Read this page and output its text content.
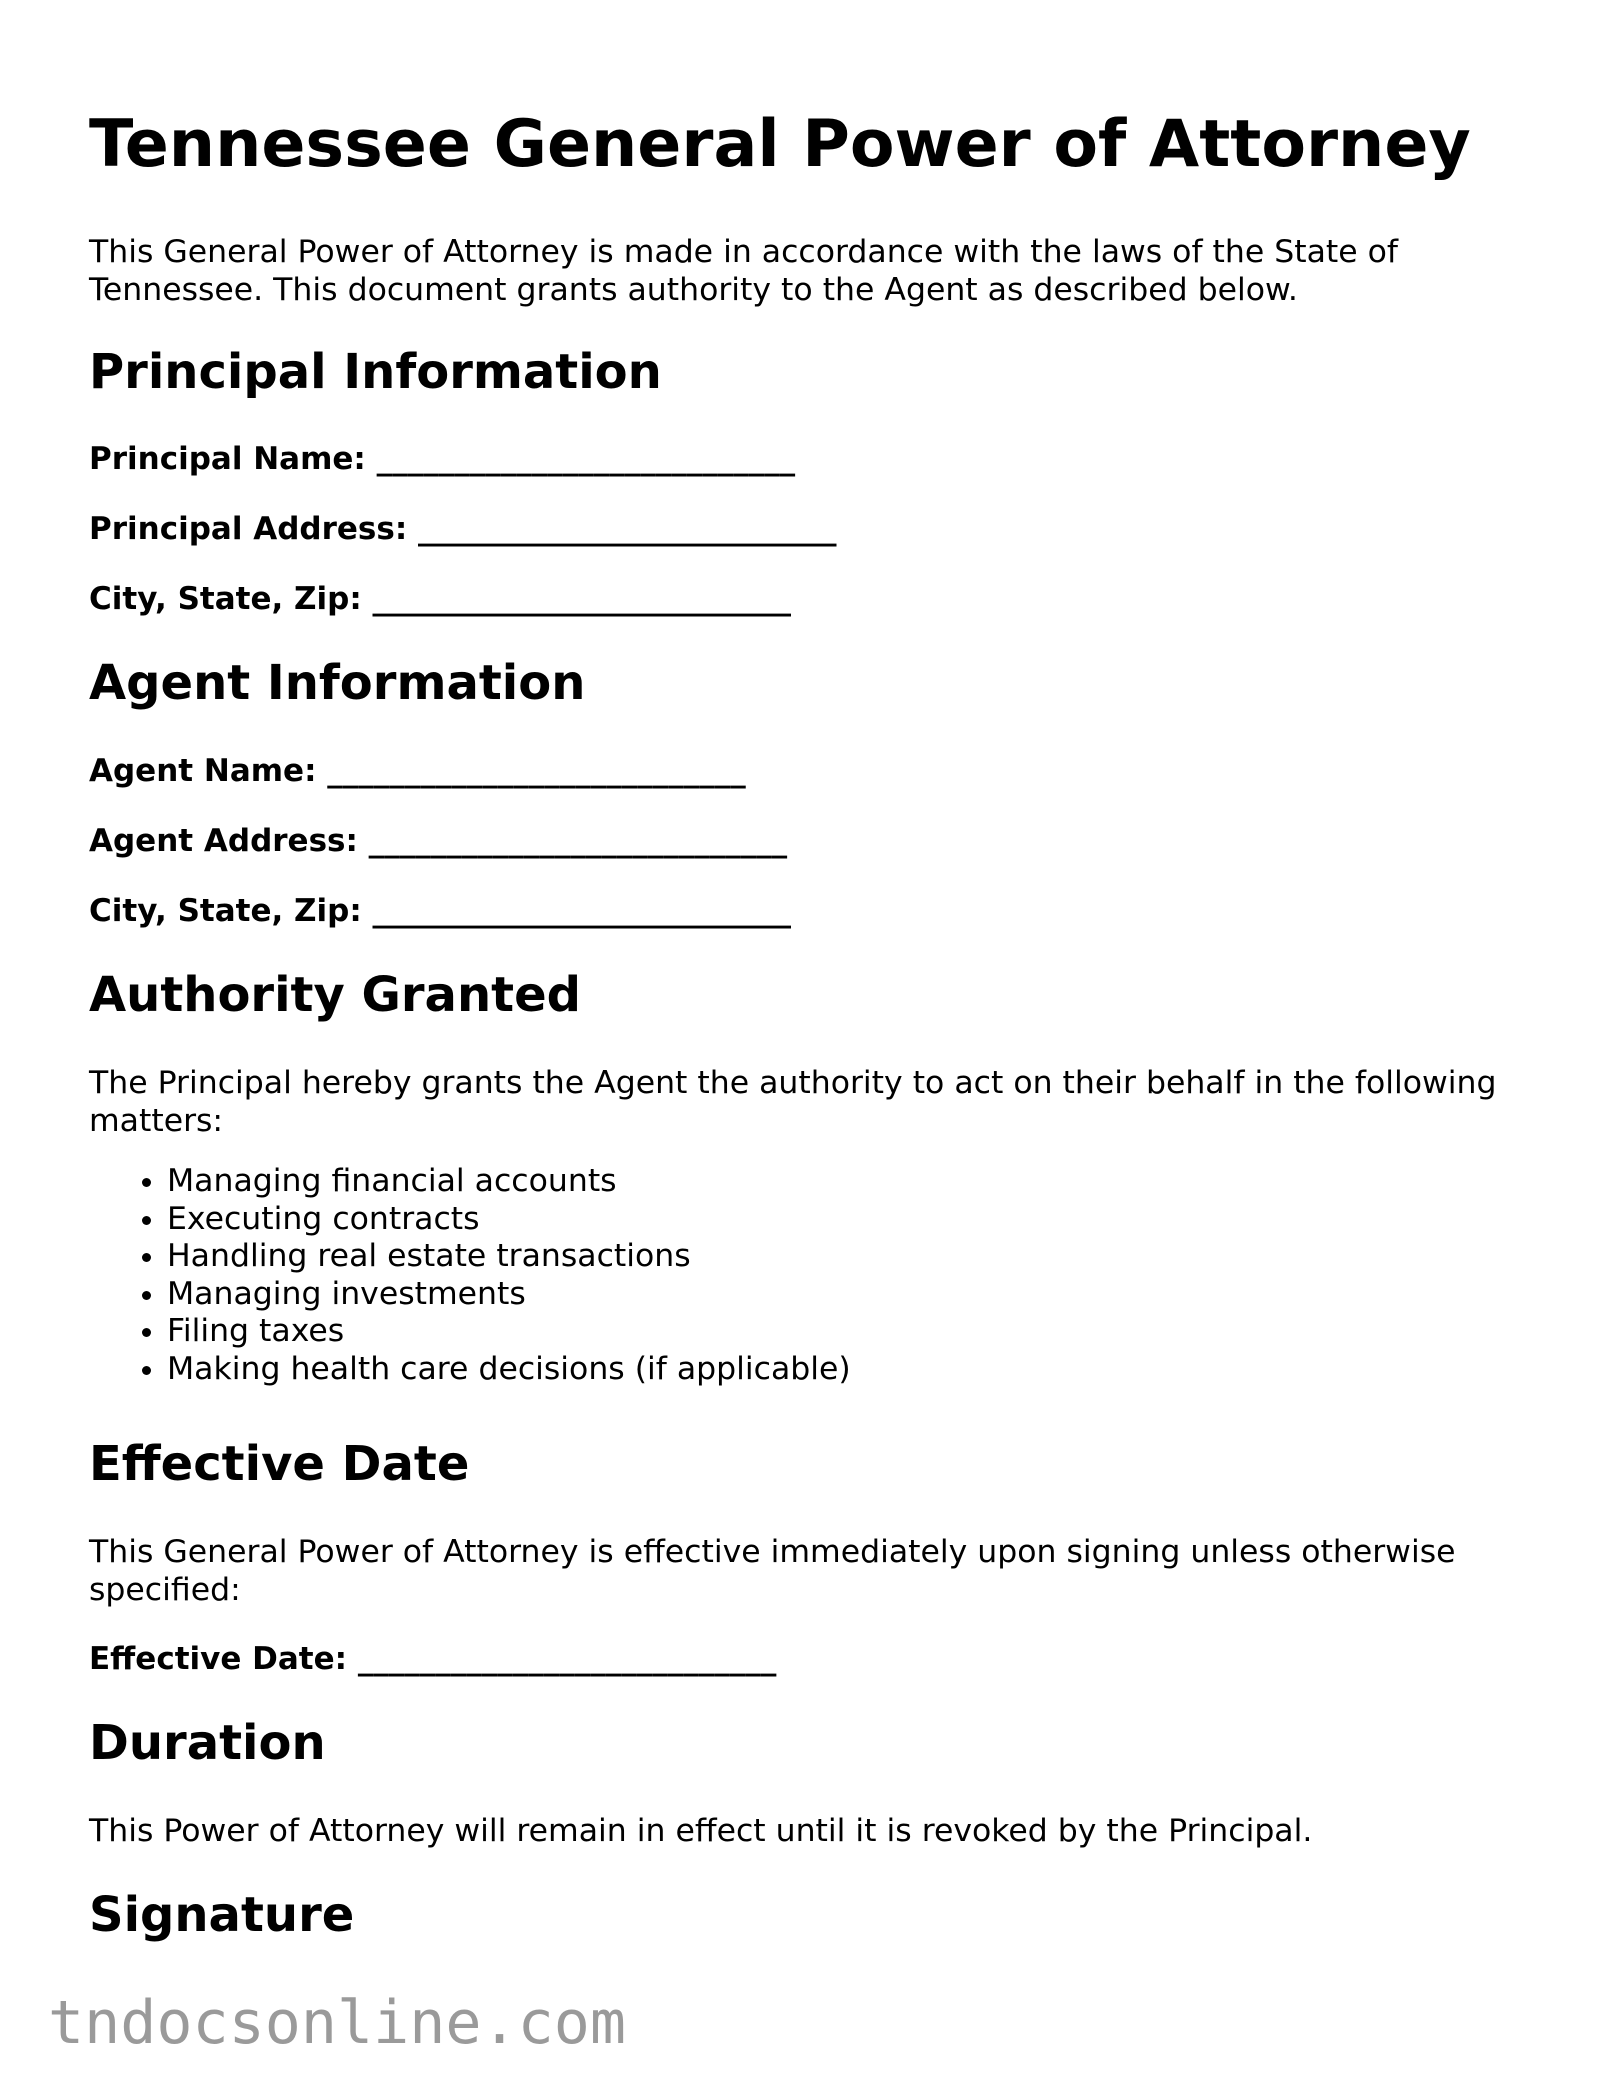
Tennessee General Power of Attorney

This General Power of Attorney is made in accordance with the laws of the State of Tennessee. This document grants authority to the Agent as described below.

Principal Information
Principal Name: ___________________________
Principal Address: ___________________________
City, State, Zip: ___________________________
Agent Information
Agent Name: ___________________________
Agent Address: ___________________________
City, State, Zip: ___________________________
Authority Granted

The Principal hereby grants the Agent the authority to act on their behalf in the following matters:

• Managing financial accounts
• Executing contracts
• Handling real estate transactions
• Managing investments
• Filing taxes
• Making health care decisions (if applicable)
Effective Date

This General Power of Attorney is effective immediately upon signing unless otherwise specified:

Effective Date: ___________________________
Duration

This Power of Attorney will remain in effect until it is revoked by the Principal.

Signature
tndocsonline.com
